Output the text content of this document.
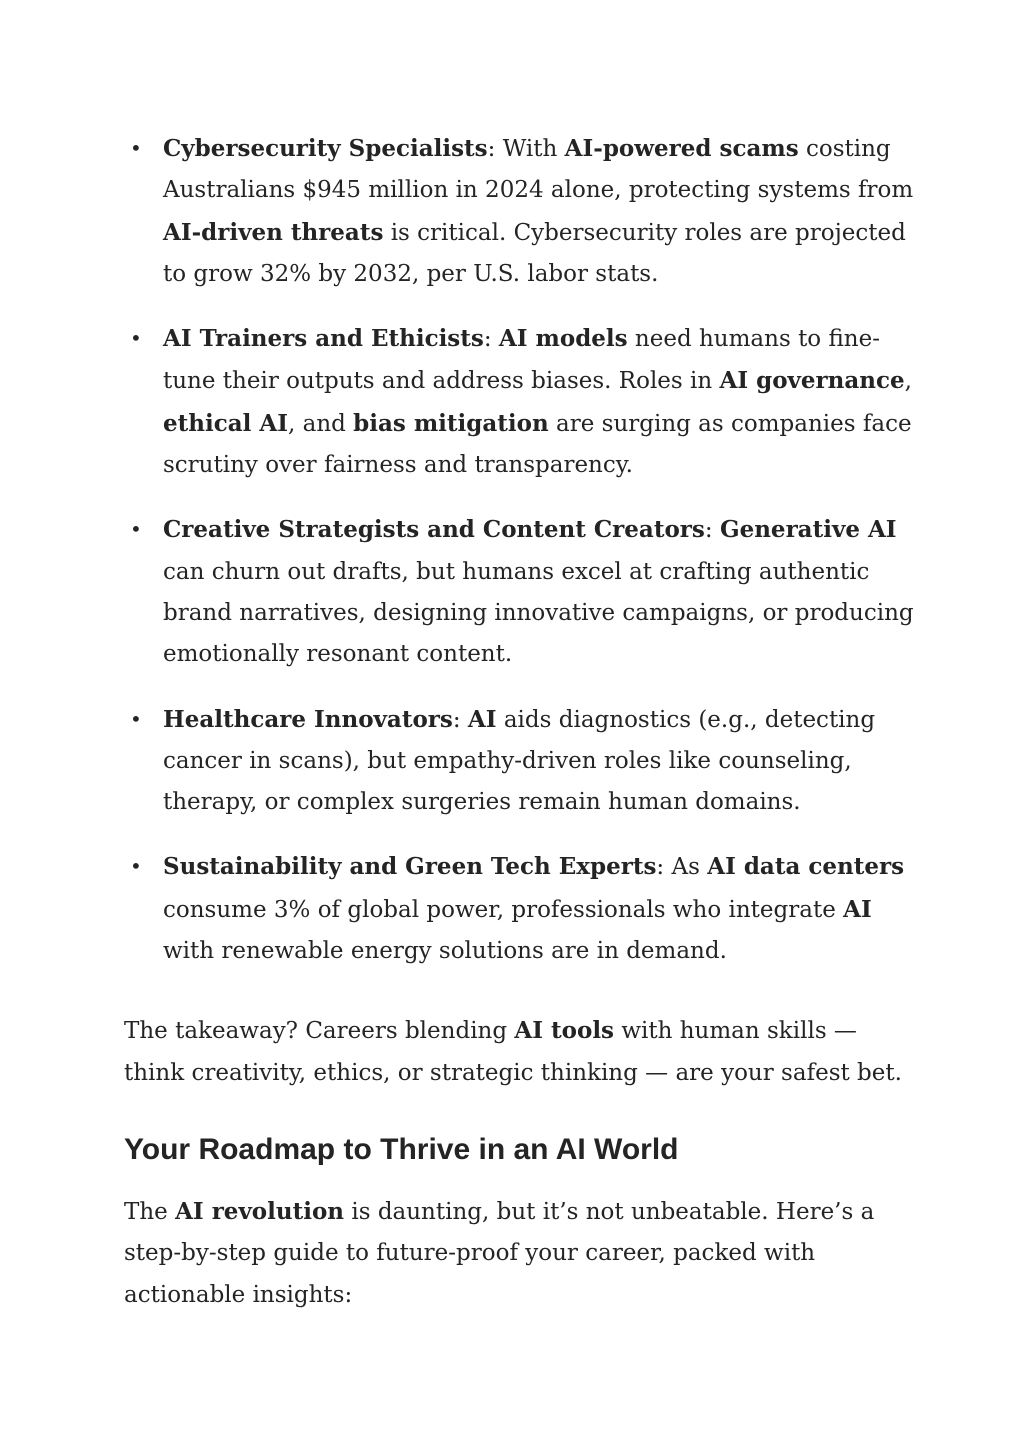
• Cybersecurity Specialists: With AI-powered scams costing Australians $945 million in 2024 alone, protecting systems from AI-driven threats is critical. Cybersecurity roles are projected to grow 32% by 2032, per U.S. labor stats.
• AI Trainers and Ethicists: AI models need humans to fine-tune their outputs and address biases. Roles in AI governance, ethical AI, and bias mitigation are surging as companies face scrutiny over fairness and transparency.
• Creative Strategists and Content Creators: Generative AI can churn out drafts, but humans excel at crafting authentic brand narratives, designing innovative campaigns, or producing emotionally resonant content.
• Healthcare Innovators: AI aids diagnostics (e.g., detecting cancer in scans), but empathy-driven roles like counseling, therapy, or complex surgeries remain human domains.
• Sustainability and Green Tech Experts: As AI data centers consume 3% of global power, professionals who integrate AI with renewable energy solutions are in demand.

The takeaway? Careers blending AI tools with human skills — think creativity, ethics, or strategic thinking — are your safest bet.

Your Roadmap to Thrive in an AI World

The AI revolution is daunting, but it’s not unbeatable. Here’s a step-by-step guide to future-proof your career, packed with actionable insights:
